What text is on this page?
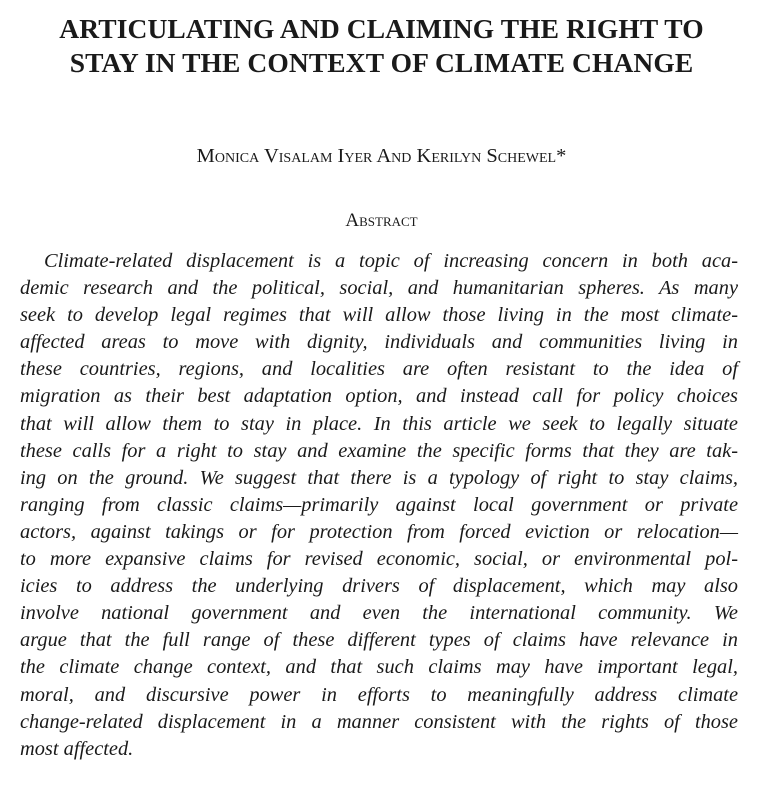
ARTICULATING AND CLAIMING THE RIGHT TO
STAY IN THE CONTEXT OF CLIMATE CHANGE
Monica Visalam Iyer And Kerilyn Schewel*
Abstract
Climate-related displacement is a topic of increasing concern in both aca-
demic research and the political, social, and humanitarian spheres. As many
seek to develop legal regimes that will allow those living in the most climate-
affected areas to move with dignity, individuals and communities living in
these countries, regions, and localities are often resistant to the idea of
migration as their best adaptation option, and instead call for policy choices
that will allow them to stay in place. In this article we seek to legally situate
these calls for a right to stay and examine the specific forms that they are tak-
ing on the ground. We suggest that there is a typology of right to stay claims,
ranging from classic claims—primarily against local government or private
actors, against takings or for protection from forced eviction or relocation—
to more expansive claims for revised economic, social, or environmental pol-
icies to address the underlying drivers of displacement, which may also
involve national government and even the international community. We
argue that the full range of these different types of claims have relevance in
the climate change context, and that such claims may have important legal,
moral, and discursive power in efforts to meaningfully address climate
change-related displacement in a manner consistent with the rights of those
most affected.
